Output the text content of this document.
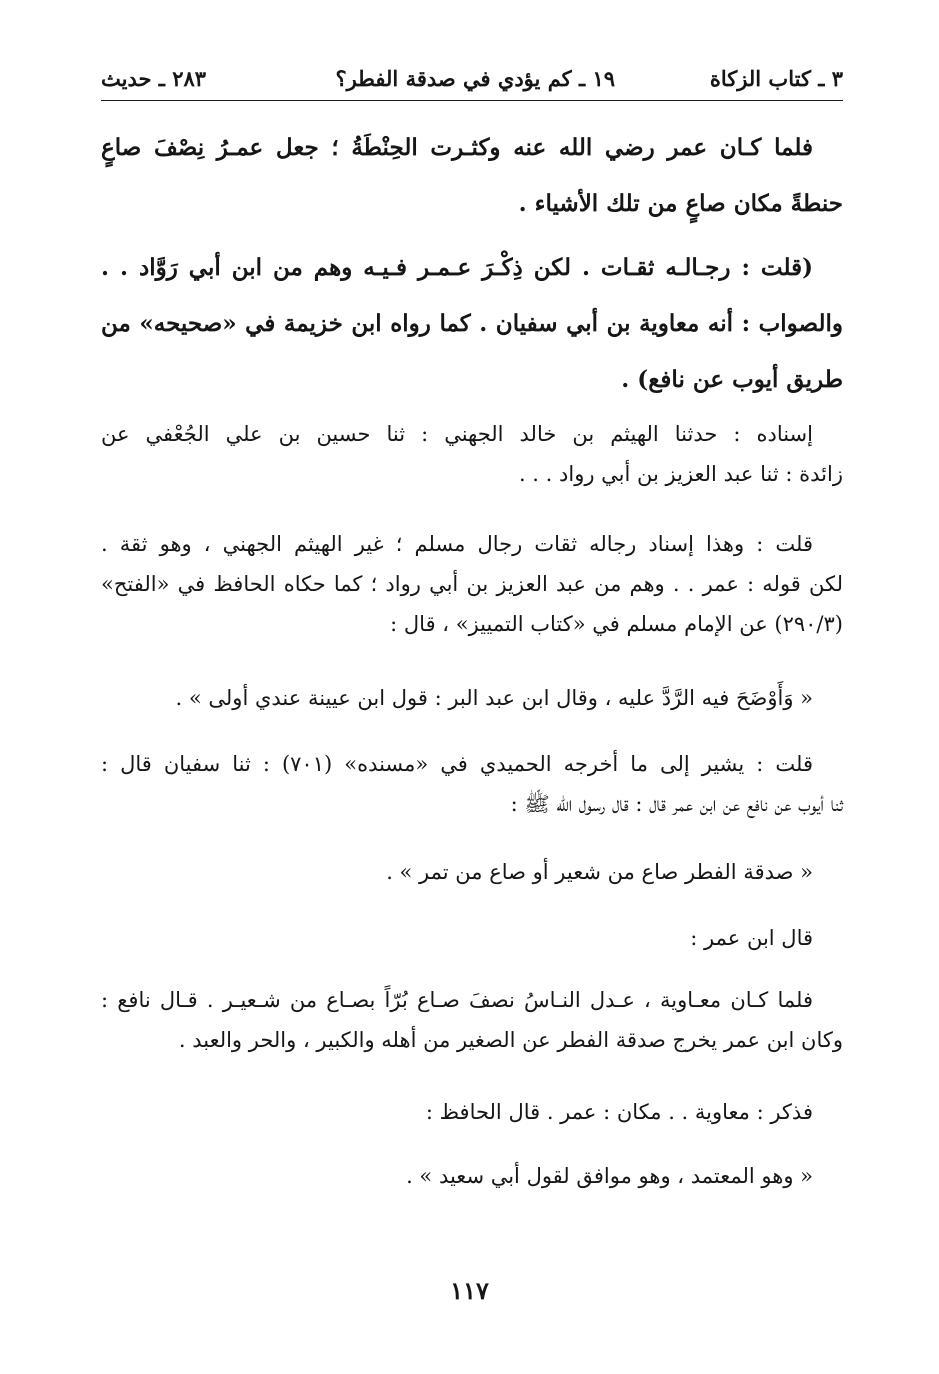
٣ ـ كتاب الزكاة
١٩ ـ كم يؤدي في صدقة الفطر؟
٢٨٣ ـ حديث
فلما كـان عمر رضي الله عنه وكثـرت الحِنْطَةُ ؛ جعل عمـرُ نِصْفَ صاعٍ
حنطةً مكان صاعٍ من تلك الأشياء .
(قلت : رجـالـه ثقـات . لكن ذِكْـرَ عـمـر فـيـه وهم من ابن أبي رَوَّاد . .
والصواب : أنه معاوية بن أبي سفيان . كما رواه ابن خزيمة في «صحيحه» من
طريق أيوب عن نافع) .
إسناده : حدثنا الهيثم بن خالد الجهني : ثنا حسين بن علي الجُعْفي عن
زائدة : ثنا عبد العزيز بن أبي رواد . . .
قلت : وهذا إسناد رجاله ثقات رجال مسلم ؛ غير الهيثم الجهني ، وهو ثقة .
لكن قوله : عمر . . وهم من عبد العزيز بن أبي رواد ؛ كما حكاه الحافظ في «الفتح»
(٢٩٠/٣) عن الإمام مسلم في «كتاب التمييز» ، قال :
« وَأَوْضَحَ فيه الرَّدَّ عليه ، وقال ابن عبد البر : قول ابن عيينة عندي أولى » .
قلت : يشير إلى ما أخرجه الحميدي في «مسنده» (٧٠١) : ثنا سفيان قال :
ثنا أيوب عن نافع عن ابن عمر قال : قال رسول الله ﷺ :
« صدقة الفطر صاع من شعير أو صاع من تمر » .
قال ابن عمر :
فلما كـان معـاوية ، عـدل النـاسُ نصفَ صـاع بُرّاً بصـاع من شـعيـر . قـال نافع :
وكان ابن عمر يخرج صدقة الفطر عن الصغير من أهله والكبير ، والحر والعبد .
فذكر : معاوية . . مكان : عمر . قال الحافظ :
« وهو المعتمد ، وهو موافق لقول أبي سعيد » .
١١٧
